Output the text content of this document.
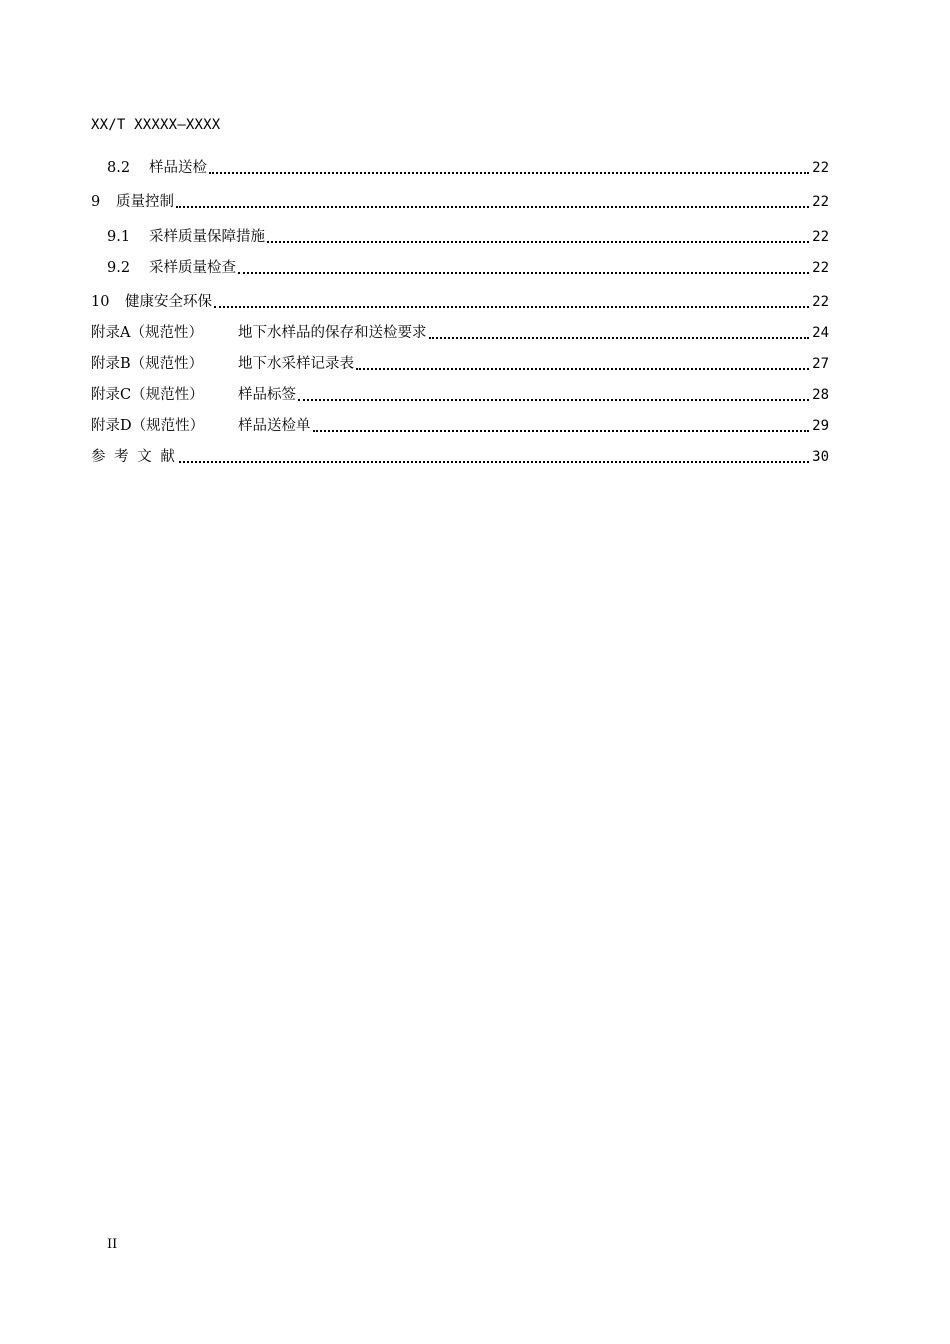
XX/T XXXXX—XXXX
8.2	样品送检	22
9	质量控制	22
9.1	采样质量保障措施	22
9.2	采样质量检查	22
10	健康安全环保	22
附录A（规范性）	地下水样品的保存和送检要求	24
附录B（规范性）	地下水采样记录表	27
附录C（规范性）	样品标签	28
附录D（规范性）	样品送检单	29
参 考 文 献	30
II
